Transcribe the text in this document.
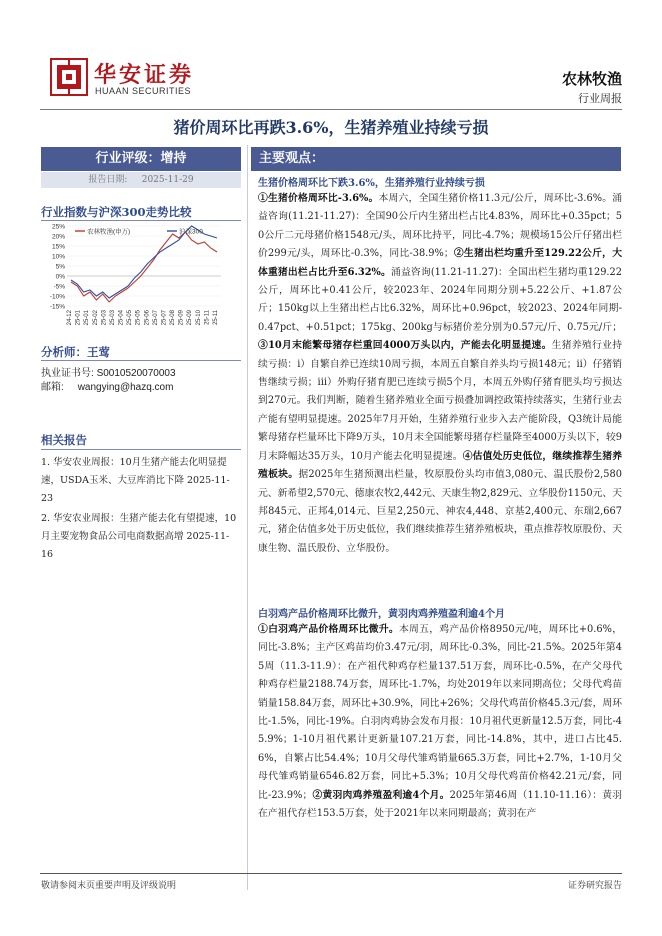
华安证券
HUAAN SECURITIES
农林牧渔
行业周报
猪价周环比再跌3.6%，生猪养殖业持续亏损
行业评级：增持
报告日期: 2025-11-29
行业指数与沪深300走势比较
25%
20%
15%
10%
5%
0%
-5%
-10%
-15%
24-12 25-01 25-01 25-02 25-03 25-03 25-04 25-05 25-05 25-06 25-07 25-07 25-08 25-09 25-09 25-10 25-11 25-11
农林牧渔(申万)	沪深300
分析师：王莺
执业证书号: S0010520070003
邮箱: wangying@hazq.com
相关报告
1. 华安农业周报：10月生猪产能去化明显提速，USDA玉米、大豆库消比下降 2025-11-23
2. 华安农业周报：生猪产能去化有望提速，10月主要宠物食品公司电商数据高增 2025-11-16
主要观点：
生猪价格周环比下跌3.6%，生猪养殖行业持续亏损

①生猪价格周环比-3.6%。本周六，全国生猪价格11.3元/公斤，周环比-3.6%。涌益咨询(11.21-11.27)：全国90公斤内生猪出栏占比4.83%，周环比+0.35pct；50公斤二元母猪价格1548元/头，周环比持平，同比-4.7%；规模场15公斤仔猪出栏价299元/头，周环比-0.3%，同比-38.9%；②生猪出栏均重升至129.22公斤，大体重猪出栏占比升至6.32%。涌益咨询(11.21-11.27)：全国出栏生猪均重129.22公斤，周环比+0.41公斤，较2023年、2024年同期分别+5.22公斤、+1.87公斤；150kg以上生猪出栏占比6.32%，周环比+0.96pct，较2023、2024年同期-0.47pct、+0.51pct；175kg、200kg与标猪价差分别为0.57元/斤、0.75元/斤；③10月末能繁母猪存栏重回4000万头以内，产能去化明显提速。生猪养殖行业持续亏损：i）自繁自养已连续10周亏损，本周五自繁自养头均亏损148元；ii）仔猪销售继续亏损；iii）外购仔猪育肥已连续亏损5个月，本周五外购仔猪育肥头均亏损达到270元。我们判断，随着生猪养殖业全面亏损叠加调控政策持续落实，生猪行业去产能有望明显提速。2025年7月开始，生猪养殖行业步入去产能阶段，Q3统计局能繁母猪存栏量环比下降9万头，10月末全国能繁母猪存栏量降至4000万头以下，较9月末降幅达35万头，10月产能去化明显提速。④估值处历史低位，继续推荐生猪养殖板块。据2025年生猪预测出栏量，牧原股份头均市值3,080元、温氏股份2,580元、新希望2,570元、德康农牧2,442元、天康生物2,829元、立华股份1150元、天邦845元、正邦4,014元、巨星2,250元、神农4,448、京基2,400元、东瑞2,667元，猪企估值多处于历史低位，我们继续推荐生猪养殖板块，重点推荐牧原股份、天康生物、温氏股份、立华股份。

白羽鸡产品价格周环比微升，黄羽肉鸡养殖盈利逾4个月

①白羽鸡产品价格周环比微升。本周五，鸡产品价格8950元/吨，周环比+0.6%，同比-3.8%；主产区鸡苗均价3.47元/羽，周环比-0.3%，同比-21.5%。2025年第45周（11.3-11.9）：在产祖代种鸡存栏量137.51万套，周环比-0.5%，在产父母代种鸡存栏量2188.74万套，周环比-1.7%，均处2019年以来同期高位；父母代鸡苗销量158.84万套，周环比+30.9%，同比+26%；父母代鸡苗价格45.3元/套，周环比-1.5%，同比-19%。白羽肉鸡协会发布月报：10月祖代更新量12.5万套，同比-45.9%；1-10月祖代累计更新量107.21万套，同比-14.8%，其中，进口占比45.6%，自繁占比54.4%；10月父母代雏鸡销量665.3万套，同比+2.7%，1-10月父母代雏鸡销量6546.82万套，同比+5.3%；10月父母代鸡苗价格42.21元/套，同比-23.9%；②黄羽肉鸡养殖盈利逾4个月。2025年第46周（11.10-11.16）：黄羽在产祖代存栏153.5万套，处于2021年以来同期最高；黄羽在产

敬请参阅末页重要声明及评级说明	证券研究报告
